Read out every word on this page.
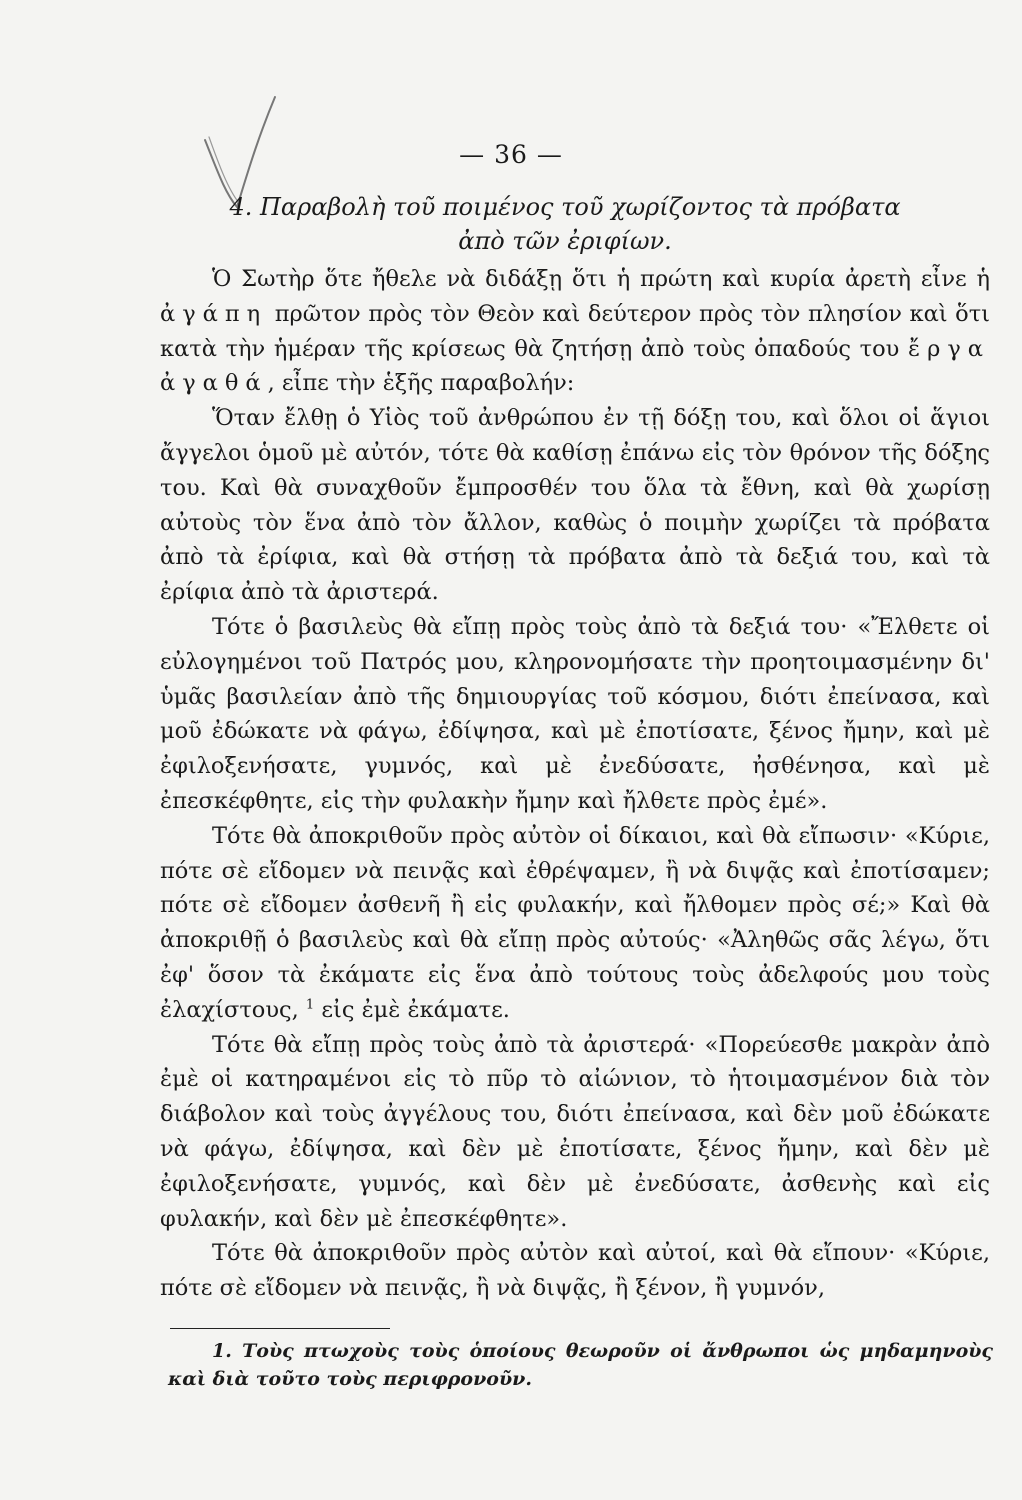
— 36 —
4. Παραβολὴ τοῦ ποιμένος τοῦ χωρίζοντος τὰ πρόβατα
ἀπὸ τῶν ἐριφίων.

Ὁ Σωτὴρ ὅτε ἤθελε νὰ διδάξῃ ὅτι ἡ πρώτη καὶ κυρία ἀρετὴ εἶνε ἡ ἀγάπη πρῶτον πρὸς τὸν Θεὸν καὶ δεύτερον πρὸς τὸν πλησίον καὶ ὅτι κατὰ τὴν ἡμέραν τῆς κρίσεως θὰ ζητήσῃ ἀπὸ τοὺς ὀπαδούς του ἔργα ἀγαθά, εἶπε τὴν ἑξῆς παραβολήν:

Ὅταν ἔλθῃ ὁ Υἱὸς τοῦ ἀνθρώπου ἐν τῇ δόξῃ του, καὶ ὅλοι οἱ ἅγιοι ἄγγελοι ὁμοῦ μὲ αὐτόν, τότε θὰ καθίσῃ ἐπάνω εἰς τὸν θρόνον τῆς δόξης του. Καὶ θὰ συναχθοῦν ἔμπροσθέν του ὅλα τὰ ἔθνη, καὶ θὰ χωρίσῃ αὐτοὺς τὸν ἕνα ἀπὸ τὸν ἄλλον, καθὼς ὁ ποιμὴν χωρίζει τὰ πρόβατα ἀπὸ τὰ ἐρίφια, καὶ θὰ στήσῃ τὰ πρόβατα ἀπὸ τὰ δεξιά του, καὶ τὰ ἐρίφια ἀπὸ τὰ ἀριστερά.

Τότε ὁ βασιλεὺς θὰ εἴπῃ πρὸς τοὺς ἀπὸ τὰ δεξιά του· «Ἔλθετε οἱ εὐλογημένοι τοῦ Πατρός μου, κληρονομήσατε τὴν προητοιμασμένην δι' ὑμᾶς βασιλείαν ἀπὸ τῆς δημιουργίας τοῦ κόσμου, διότι ἐπείνασα, καὶ μοῦ ἐδώκατε νὰ φάγω, ἐδίψησα, καὶ μὲ ἐποτίσατε, ξένος ἤμην, καὶ μὲ ἐφιλοξενήσατε, γυμνός, καὶ μὲ ἐνεδύσατε, ἠσθένησα, καὶ μὲ ἐπεσκέφθητε, εἰς τὴν φυλακὴν ἤμην καὶ ἤλθετε πρὸς ἐμέ».

Τότε θὰ ἀποκριθοῦν πρὸς αὐτὸν οἱ δίκαιοι, καὶ θὰ εἴπωσιν· «Κύριε, πότε σὲ εἴδομεν νὰ πεινᾷς καὶ ἐθρέψαμεν, ἢ νὰ διψᾷς καὶ ἐποτίσαμεν; πότε σὲ εἴδομεν ἀσθενῆ ἢ εἰς φυλακήν, καὶ ἤλθομεν πρὸς σέ;» Καὶ θὰ ἀποκριθῇ ὁ βασιλεὺς καὶ θὰ εἴπῃ πρὸς αὐτούς· «Ἀληθῶς σᾶς λέγω, ὅτι ἐφ' ὅσον τὰ ἐκάματε εἰς ἕνα ἀπὸ τούτους τοὺς ἀδελφούς μου τοὺς ἐλαχίστους, $^1$ εἰς ἐμὲ ἐκάματε.

Τότε θὰ εἴπῃ πρὸς τοὺς ἀπὸ τὰ ἀριστερά· «Πορεύεσθε μακρὰν ἀπὸ ἐμὲ οἱ κατηραμένοι εἰς τὸ πῦρ τὸ αἰώνιον, τὸ ἡτοιμασμένον διὰ τὸν διάβολον καὶ τοὺς ἀγγέλους του, διότι ἐπείνασα, καὶ δὲν μοῦ ἐδώκατε νὰ φάγω, ἐδίψησα, καὶ δὲν μὲ ἐποτίσατε, ξένος ἤμην, καὶ δὲν μὲ ἐφιλοξενήσατε, γυμνός, καὶ δὲν μὲ ἐνεδύσατε, ἀσθενὴς καὶ εἰς φυλακήν, καὶ δὲν μὲ ἐπεσκέφθητε».

Τότε θὰ ἀποκριθοῦν πρὸς αὐτὸν καὶ αὐτοί, καὶ θὰ εἴπουν· «Κύριε, πότε σὲ εἴδομεν νὰ πεινᾷς, ἢ νὰ διψᾷς, ἢ ξένον, ἢ γυμνόν,

1. Τοὺς πτωχοὺς τοὺς ὁποίους θεωροῦν οἱ ἄνθρωποι ὡς μηδαμηνοὺς καὶ διὰ τοῦτο τοὺς περιφρονοῦν.
